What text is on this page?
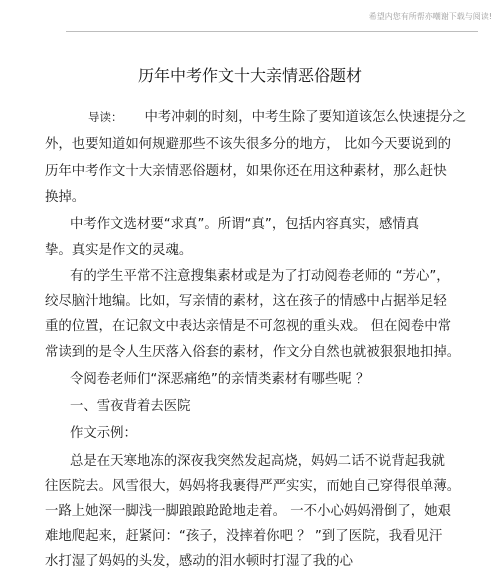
希望内您有所帮亦嘲谢下载与阅读!
历年中考作文十大亲情恶俗题材
导读： 中考冲刺的时刻，中考生除了要知道该怎么快速提分之
外，也要知道如何规避那些不该失很多分的地方， 比如今天要说到的
历年中考作文十大亲情恶俗题材，如果你还在用这种素材，那么赶快
换掉。
中考作文选材要“求真”。所谓“真”，包括内容真实，感情真
挚。真实是作文的灵魂。
有的学生平常不注意搜集素材或是为了打动阅卷老师的 “芳心”，
绞尽脑汁地编。比如，写亲情的素材，这在孩子的情感中占据举足轻
重的位置，在记叙文中表达亲情是不可忽视的重头戏。 但在阅卷中常
常读到的是令人生厌落入俗套的素材，作文分自然也就被狠狠地扣掉。
令阅卷老师们“深恶痛绝”的亲情类素材有哪些呢 ？
一、雪夜背着去医院
作文示例：
总是在天寒地冻的深夜我突然发起高烧，妈妈二话不说背起我就
往医院去。风雪很大，妈妈将我裹得严严实实，而她自己穿得很单薄。
一路上她深一脚浅一脚踉踉跄跄地走着。 一不小心妈妈滑倒了，她艰
难地爬起来，赶紧问：“孩子，没摔着你吧 ？ ”到了医院，我看见汗
水打湿了妈妈的头发，感动的泪水顿时打湿了我的心
